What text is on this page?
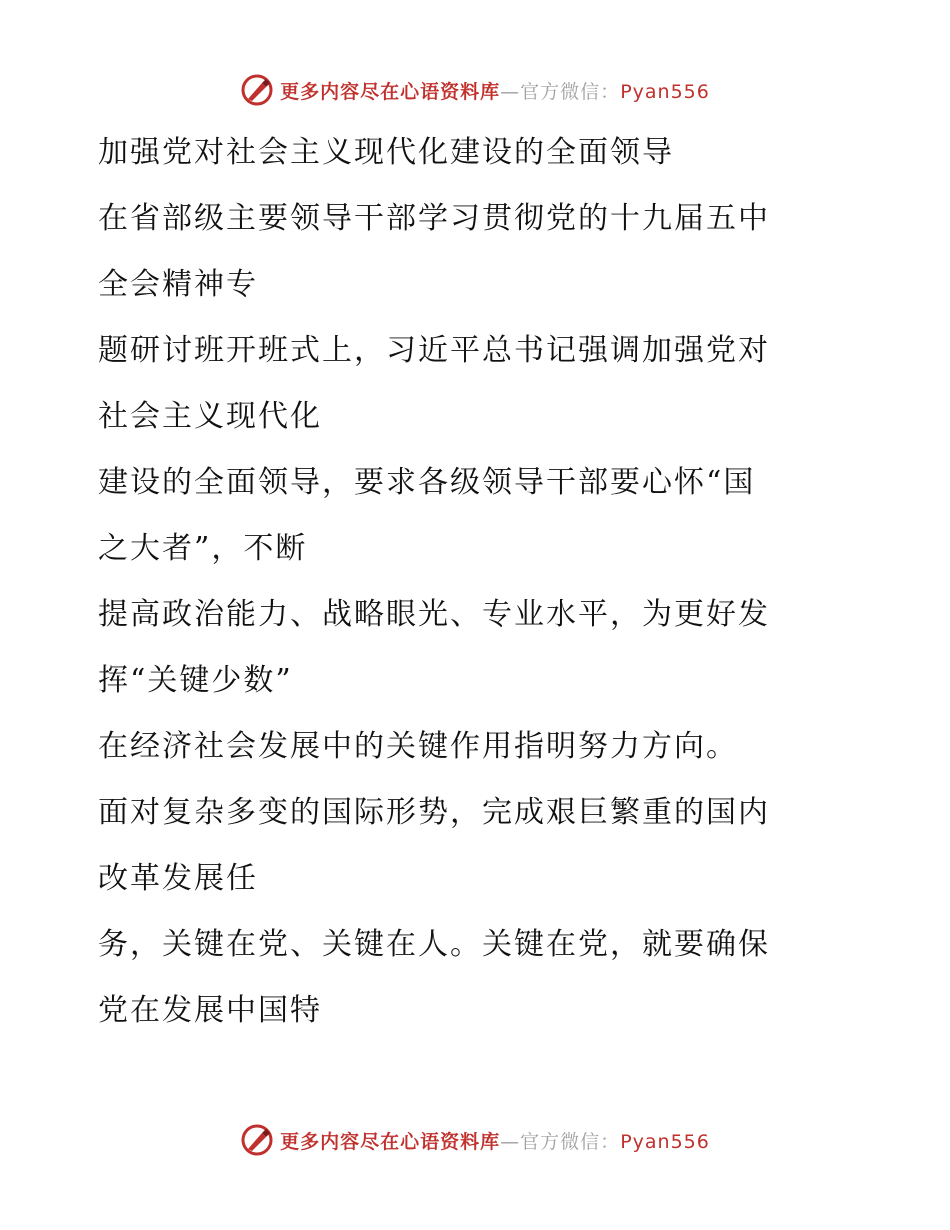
更多内容尽在心语资料库—官方微信：Pyan556
加强党对社会主义现代化建设的全面领导
在省部级主要领导干部学习贯彻党的十九届五中
全会精神专
题研讨班开班式上，习近平总书记强调加强党对
社会主义现代化
建设的全面领导，要求各级领导干部要心怀“国
之大者”，不断
提高政治能力、战略眼光、专业水平，为更好发
挥“关键少数”
在经济社会发展中的关键作用指明努力方向。
面对复杂多变的国际形势，完成艰巨繁重的国内
改革发展任
务，关键在党、关键在人。关键在党，就要确保
党在发展中国特
更多内容尽在心语资料库—官方微信：Pyan556
